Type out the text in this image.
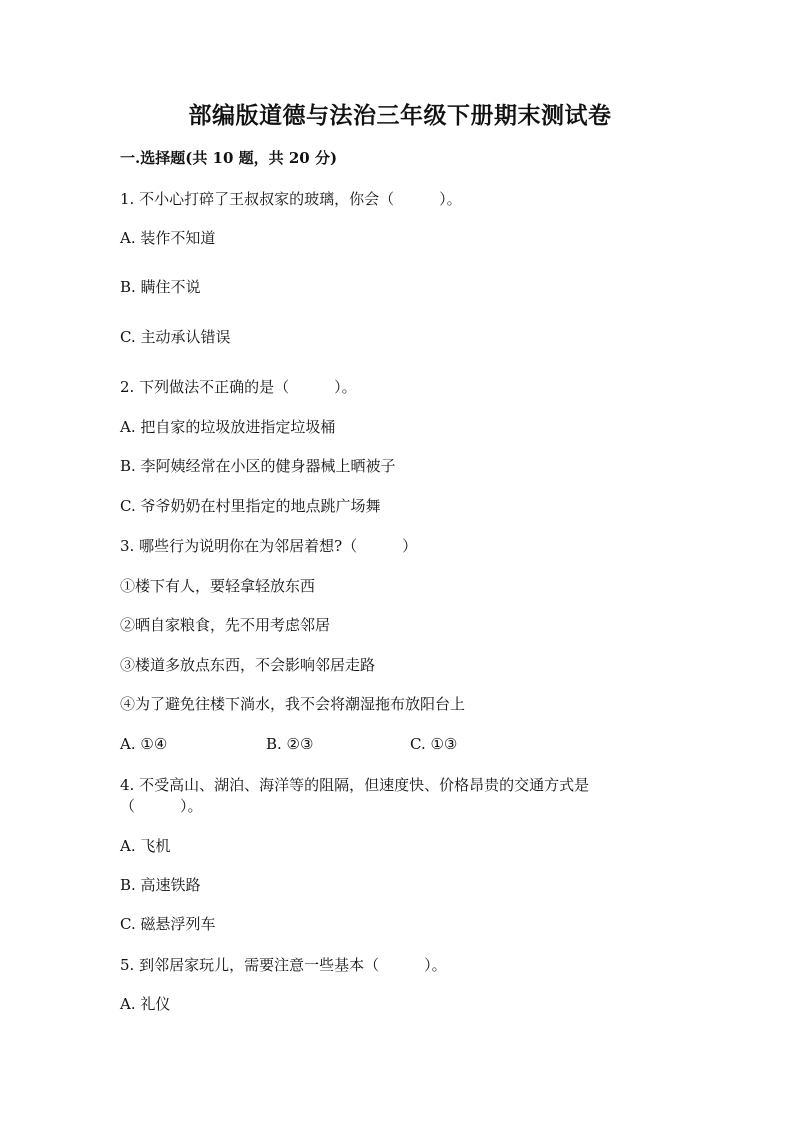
部编版道德与法治三年级下册期末测试卷
一.选择题(共 10 题，共 20 分)
1. 不小心打碎了王叔叔家的玻璃，你会（　　　）。
A. 装作不知道
B. 瞒住不说
C. 主动承认错误
2. 下列做法不正确的是（　　　）。
A. 把自家的垃圾放进指定垃圾桶
B. 李阿姨经常在小区的健身器械上晒被子
C. 爷爷奶奶在村里指定的地点跳广场舞
3. 哪些行为说明你在为邻居着想?（　　　）
①楼下有人，要轻拿轻放东西
②晒自家粮食，先不用考虑邻居
③楼道多放点东西，不会影响邻居走路
④为了避免往楼下淌水，我不会将潮湿拖布放阳台上
A. ①④	B. ②③	C. ①③
4. 不受高山、湖泊、海洋等的阻隔，但速度快、价格昂贵的交通方式是
（　　　）。
A. 飞机
B. 高速铁路
C. 磁悬浮列车
5. 到邻居家玩儿，需要注意一些基本（　　　）。
A. 礼仪
